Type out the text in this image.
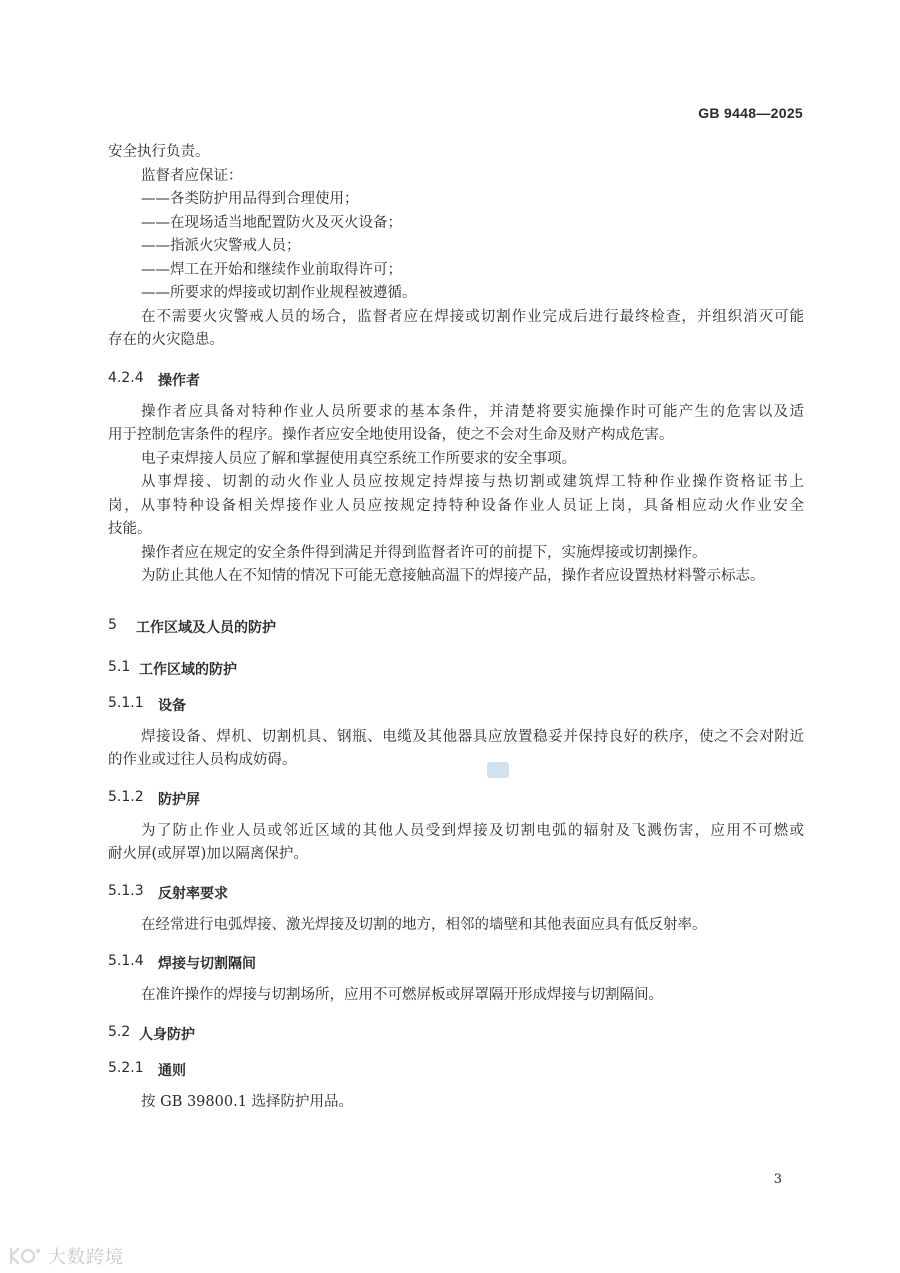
GB 9448—2025

安全执行负责。

监督者应保证：

——各类防护用品得到合理使用；

——在现场适当地配置防火及灭火设备；

——指派火灾警戒人员；

——焊工在开始和继续作业前取得许可；

——所要求的焊接或切割作业规程被遵循。

在不需要火灾警戒人员的场合，监督者应在焊接或切割作业完成后进行最终检查，并组织消灭可能

存在的火灾隐患。

4.2.4	操作者

操作者应具备对特种作业人员所要求的基本条件，并清楚将要实施操作时可能产生的危害以及适

用于控制危害条件的程序。操作者应安全地使用设备，使之不会对生命及财产构成危害。

电子束焊接人员应了解和掌握使用真空系统工作所要求的安全事项。

从事焊接、切割的动火作业人员应按规定持焊接与热切割或建筑焊工特种作业操作资格证书上

岗，从事特种设备相关焊接作业人员应按规定持特种设备作业人员证上岗，具备相应动火作业安全

技能。

操作者应在规定的安全条件得到满足并得到监督者许可的前提下，实施焊接或切割操作。

为防止其他人在不知情的情况下可能无意接触高温下的焊接产品，操作者应设置热材料警示标志。

5	工作区域及人员的防护
5.1 工作区域的防护
5.1.1	设备

焊接设备、焊机、切割机具、钢瓶、电缆及其他器具应放置稳妥并保持良好的秩序，使之不会对附近

的作业或过往人员构成妨碍。

5.1.2	防护屏

为了防止作业人员或邻近区域的其他人员受到焊接及切割电弧的辐射及飞溅伤害，应用不可燃或

耐火屏(或屏罩)加以隔离保护。

5.1.3	反射率要求

在经常进行电弧焊接、激光焊接及切割的地方，相邻的墙壁和其他表面应具有低反射率。

5.1.4	焊接与切割隔间

在准许操作的焊接与切割场所，应用不可燃屏板或屏罩隔开形成焊接与切割隔间。

5.2 人身防护
5.2.1	通则

按 GB 39800.1 选择防护用品。

3
大数跨境
